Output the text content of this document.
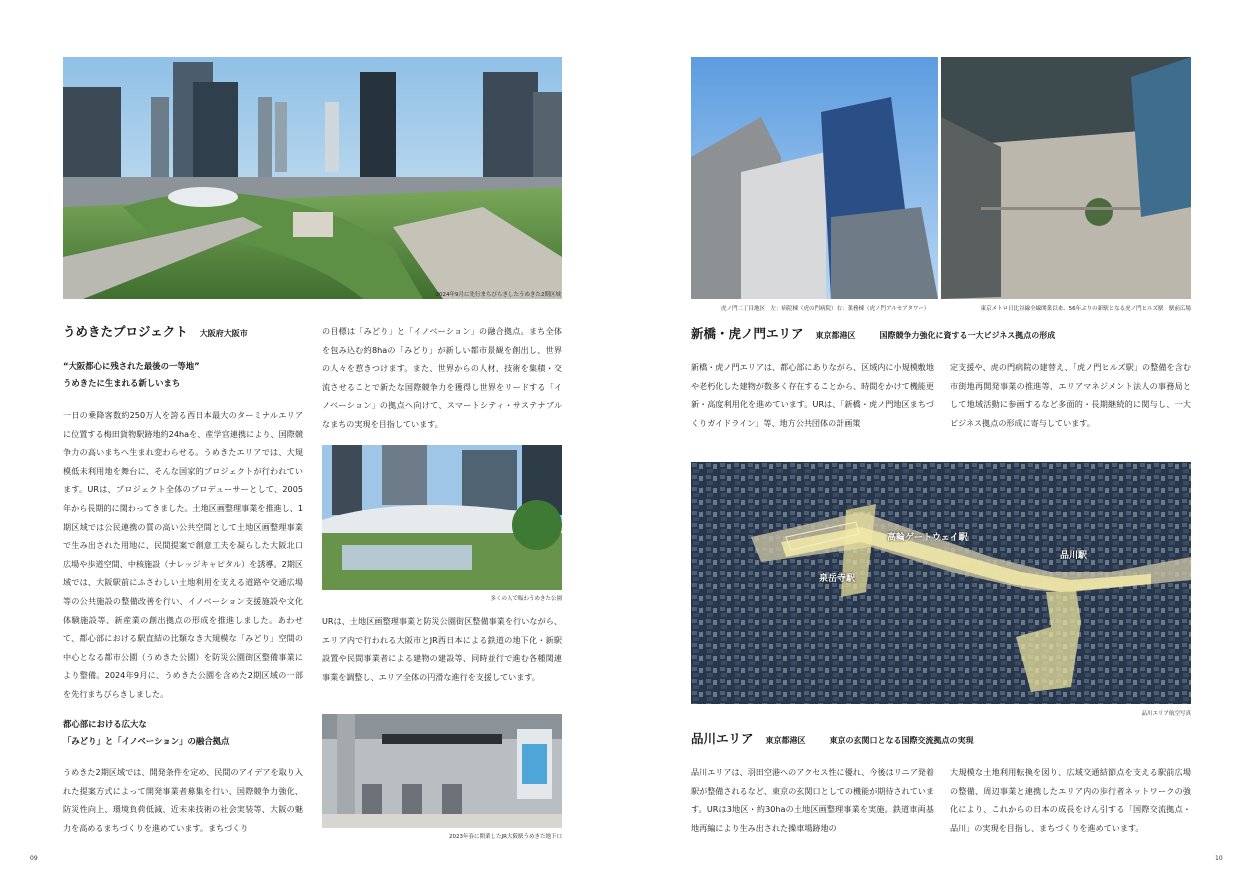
2024年9月に先行まちびらきしたうめきた2期区域
うめきたプロジェクト 大阪府大阪市
“大阪都心に残された最後の一等地”
うめきたに生まれる新しいまち

一日の乗降客数約250万人を誇る西日本最大のターミナルエリアに位置する梅田貨物駅跡地約24haを、産学官連携により、国際競争力の高いまちへ生まれ変わらせる。うめきたエリアでは、大規模低未利用地を舞台に、そんな国家的プロジェクトが行われています。URは、プロジェクト全体のプロデューサーとして、2005年から長期的に関わってきました。土地区画整理事業を推進し、1期区域では公民連携の質の高い公共空間として土地区画整理事業で生み出された用地に、民間提案で創意工夫を凝らした大阪北口広場や歩道空間、中核施設（ナレッジキャピタル）を誘導。2期区域では、大阪駅前にふさわしい土地利用を支える道路や交通広場等の公共施設の整備改善を行い、イノベーション支援施設や文化体験施設等、新産業の創出拠点の形成を推進しました。あわせて、都心部における駅直結の比類なき大規模な「みどり」空間の中心となる都市公園（うめきた公園）を防災公園街区整備事業により整備。2024年9月に、うめきた公園を含めた2期区域の一部を先行まちびらきしました。

都心部における広大な
「みどり」と「イノベーション」の融合拠点

うめきた2期区域では、開発条件を定め、民間のアイデアを取り入れた提案方式によって開発事業者募集を行い、国際競争力強化、防災性向上、環境負荷低減、近未来技術の社会実装等、大阪の魅力を高めるまちづくりを進めています。まちづくり

の目標は「みどり」と「イノベーション」の融合拠点。まち全体を包み込む約8haの「みどり」が新しい都市景観を創出し、世界の人々を惹きつけます。また、世界からの人材、技術を集積・交流させることで新たな国際競争力を獲得し世界をリードする「イノベーション」の拠点へ向けて、スマートシティ・サステナブルなまちの実現を目指しています。

多くの人で賑わうめきた公園

URは、土地区画整理事業と防災公園街区整備事業を行いながら、エリア内で行われる大阪市とJR西日本による鉄道の地下化・新駅設置や民間事業者による建物の建設等、同時並行で進む各種関連事業を調整し、エリア全体の円滑な進行を支援しています。

2023年春に開業したJR大阪駅うめきた地下口
09
虎ノ門二丁目地区　左：病院棟（虎の門病院）右：業務棟（虎ノ門アルセアタワー）	東京メトロ日比谷線全線開業以来、56年ぶりの新駅となる虎ノ門ヒルズ駅　駅前広場
新橋・虎ノ門エリア 東京都港区	国際競争力強化に資する一大ビジネス拠点の形成

新橋・虎ノ門エリアは、都心部にありながら、区域内に小規模敷地や老朽化した建物が数多く存在することから、時間をかけて機能更新・高度利用化を進めています。URは、「新橋・虎ノ門地区まちづくりガイドライン」等、地方公共団体の計画策

定支援や、虎の門病院の建替え、「虎ノ門ヒルズ駅」の整備を含む市街地再開発事業の推進等、エリアマネジメント法人の事務局として地域活動に参画するなど多面的・長期継続的に関与し、一大ビジネス拠点の形成に寄与しています。

高輪ゲートウェイ駅
品川駅
泉岳寺駅
品川エリア航空写真
品川エリア 東京都港区	東京の玄関口となる国際交流拠点の実現

品川エリアは、羽田空港へのアクセス性に優れ、今後はリニア発着駅が整備されるなど、東京の玄関口としての機能が期待されています。URは3地区・約30haの土地区画整理事業を実施。鉄道車両基地再編により生み出された操車場跡地の

大規模な土地利用転換を図り、広域交通結節点を支える駅前広場の整備、周辺事業と連携したエリア内の歩行者ネットワークの強化により、これからの日本の成長をけん引する「国際交流拠点・品川」の実現を目指し、まちづくりを進めています。

10
